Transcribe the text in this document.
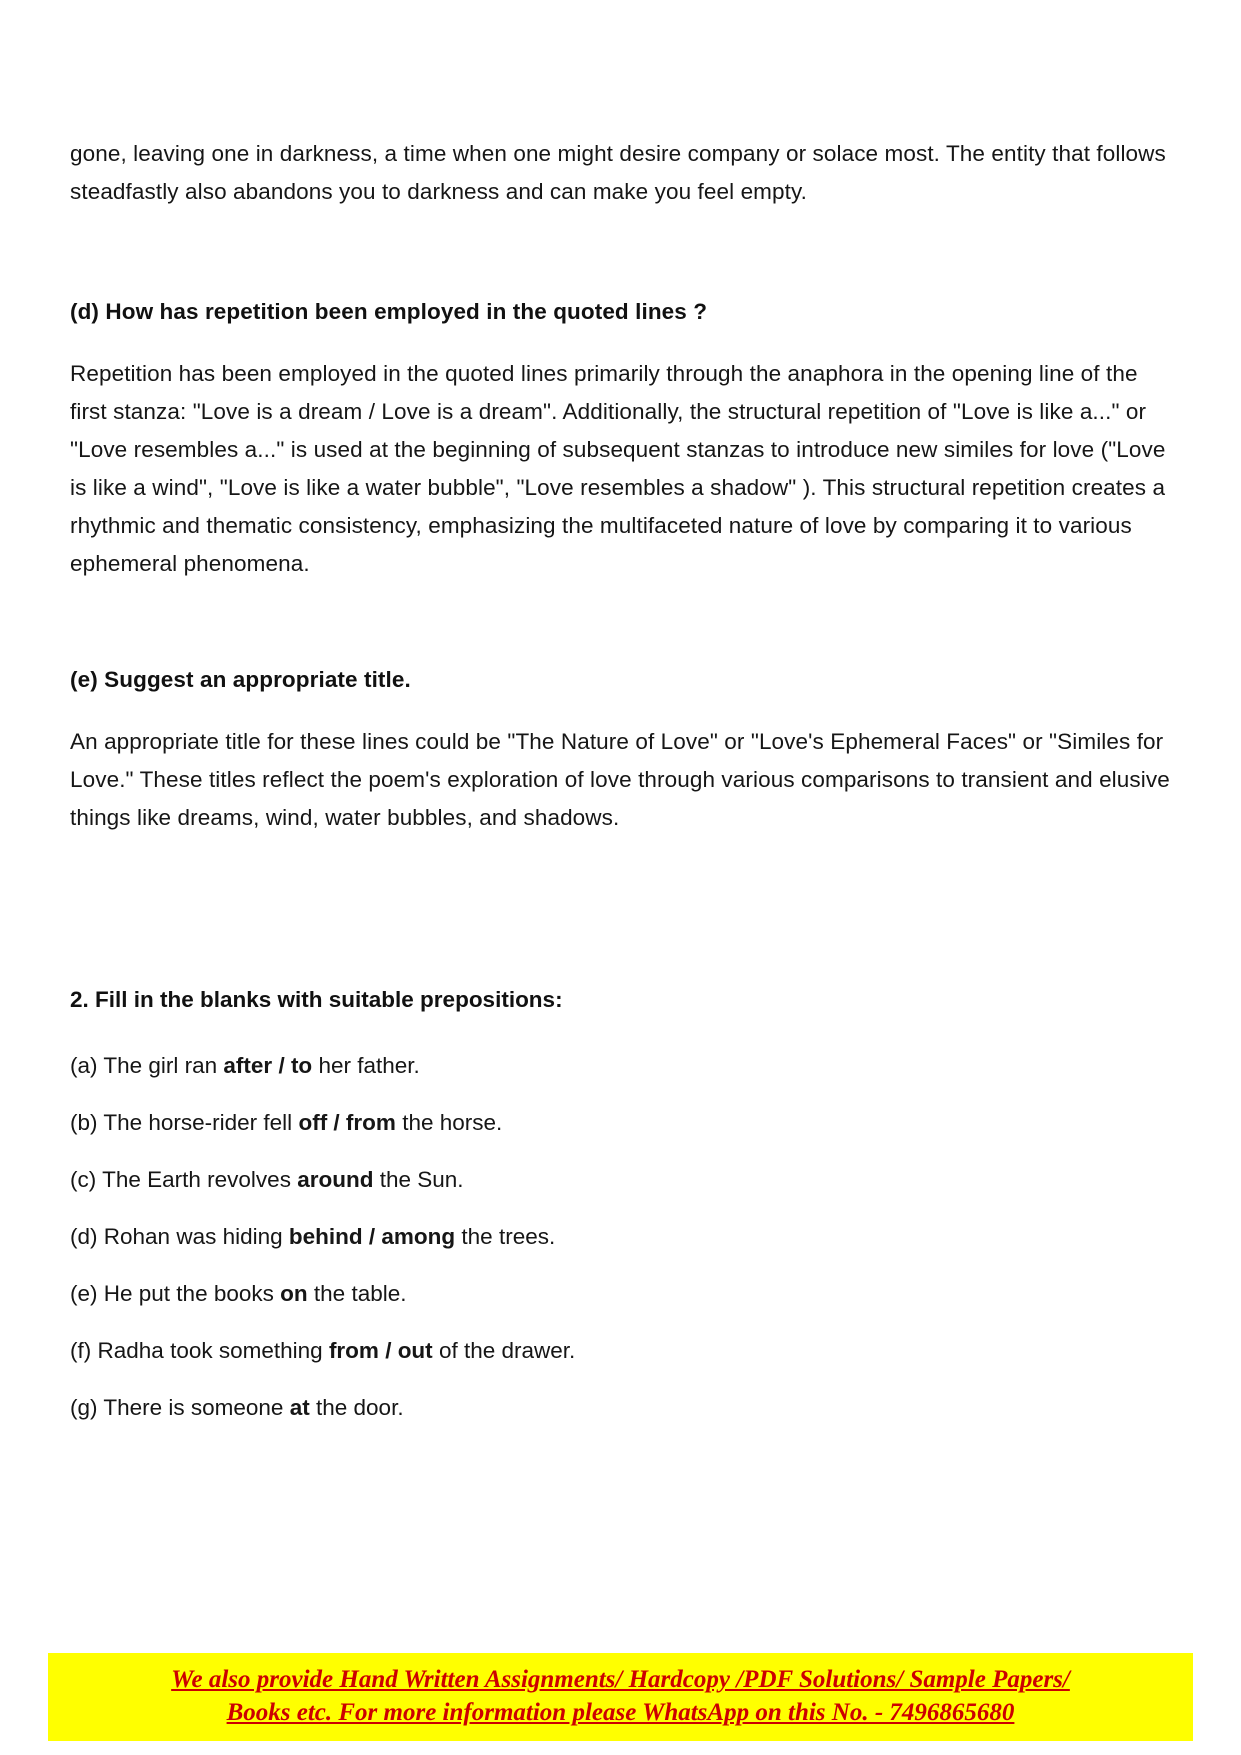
gone, leaving one in darkness, a time when one might desire company or solace most. The entity that follows steadfastly also abandons you to darkness and can make you feel empty.

(d) How has repetition been employed in the quoted lines ?

Repetition has been employed in the quoted lines primarily through the anaphora in the opening line of the first stanza: "Love is a dream / Love is a dream". Additionally, the structural repetition of "Love is like a..." or "Love resembles a..." is used at the beginning of subsequent stanzas to introduce new similes for love ("Love is like a wind", "Love is like a water bubble", "Love resembles a shadow" ). This structural repetition creates a rhythmic and thematic consistency, emphasizing the multifaceted nature of love by comparing it to various ephemeral phenomena.

(e) Suggest an appropriate title.

An appropriate title for these lines could be "The Nature of Love" or "Love's Ephemeral Faces" or "Similes for Love." These titles reflect the poem's exploration of love through various comparisons to transient and elusive things like dreams, wind, water bubbles, and shadows.

2. Fill in the blanks with suitable prepositions:

(a) The girl ran after / to her father.

(b) The horse-rider fell off / from the horse.

(c) The Earth revolves around the Sun.

(d) Rohan was hiding behind / among the trees.

(e) He put the books on the table.

(f) Radha took something from / out of the drawer.

(g) There is someone at the door.

We also provide Hand Written Assignments/ Hardcopy /PDF Solutions/ Sample Papers/
Books etc. For more information please WhatsApp on this No. - 7496865680
